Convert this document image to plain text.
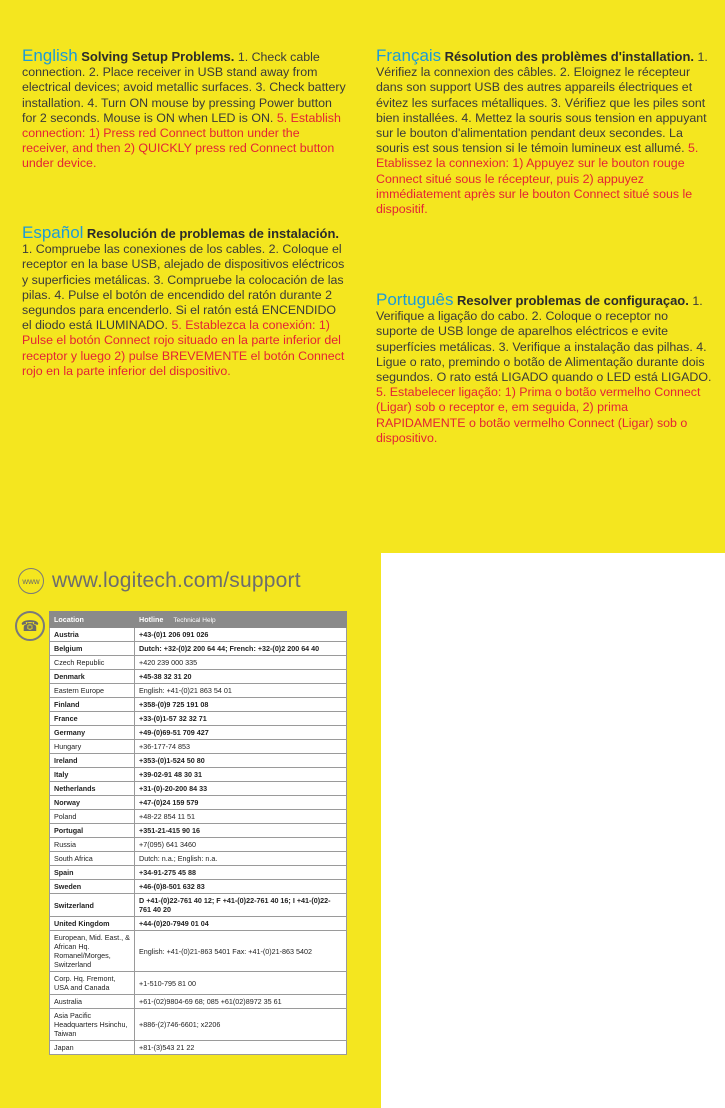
English Solving Setup Problems. 1. Check cable connection. 2. Place receiver in USB stand away from electrical devices; avoid metallic surfaces. 3. Check battery installation. 4. Turn ON mouse by pressing Power button for 2 seconds. Mouse is ON when LED is ON. 5. Establish connection: 1) Press red Connect button under the receiver, and then 2) QUICKLY press red Connect button under device.
Français Résolution des problèmes d'installation. 1. Vérifiez la connexion des câbles. 2. Eloignez le récepteur dans son support USB des autres appareils électriques et évitez les surfaces métalliques. 3. Vérifiez que les piles sont bien installées. 4. Mettez la souris sous tension en appuyant sur le bouton d'alimentation pendant deux secondes. La souris est sous tension si le témoin lumineux est allumé. 5. Etablissez la connexion: 1) Appuyez sur le bouton rouge Connect situé sous le récepteur, puis 2) appuyez immédiatement après sur le bouton Connect situé sous le dispositif.
Español Resolución de problemas de instalación. 1. Compruebe las conexiones de los cables. 2. Coloque el receptor en la base USB, alejado de dispositivos eléctricos y superficies metálicas. 3. Compruebe la colocación de las pilas. 4. Pulse el botón de encendido del ratón durante 2 segundos para encenderlo. Si el ratón está ENCENDIDO el diodo está ILUMINADO. 5. Establezca la conexión: 1) Pulse el botón Connect rojo situado en la parte inferior del receptor y luego 2) pulse BREVEMENTE el botón Connect rojo en la parte inferior del dispositivo.
Português Resolver problemas de configuraçao. 1. Verifique a ligação do cabo. 2. Coloque o receptor no suporte de USB longe de aparelhos eléctricos e evite superfícies metálicas. 3. Verifique a instalação das pilhas. 4. Ligue o rato, premindo o botão de Alimentação durante dois segundos. O rato está LIGADO quando o LED está LIGADO. 5. Estabelecer ligação: 1) Prima o botão vermelho Connect (Ligar) sob o receptor e, em seguida, 2) prima RAPIDAMENTE o botão vermelho Connect (Ligar) sob o dispositivo.
www www.logitech.com/support
☎	Location	Hotline Technical Help
Austria	+43-(0)1 206 091 026
Belgium	Dutch: +32-(0)2 200 64 44; French: +32-(0)2 200 64 40
Czech Republic	+420 239 000 335
Denmark	+45-38 32 31 20
Eastern Europe	English: +41-(0)21 863 54 01
Finland	+358-(0)9 725 191 08
France	+33-(0)1-57 32 32 71
Germany	+49-(0)69-51 709 427
Hungary	+36-177-74 853
Ireland	+353-(0)1-524 50 80
Italy	+39-02-91 48 30 31
Netherlands	+31-(0)-20-200 84 33
Norway	+47-(0)24 159 579
Poland	+48-22 854 11 51
Portugal	+351-21-415 90 16
Russia	+7(095) 641 3460
South Africa	Dutch: n.a.; English: n.a.
Spain	+34-91-275 45 88
Sweden	+46-(0)8-501 632 83
Switzerland	D +41-(0)22-761 40 12; F +41-(0)22-761 40 16; I +41-(0)22-761 40 20
United Kingdom	+44-(0)20-7949 01 04
European, Mid. East., & African Hq. Romanel/Morges, Switzerland	English: +41-(0)21-863 5401 Fax: +41-(0)21-863 5402
Corp. Hq. Fremont, USA and Canada	+1-510-795 81 00
Australia	+61-(02)9804-69 68; 085 +61(02)8972 35 61
Asia Pacific Headquarters Hsinchu, Taiwan	+886-(2)746-6601; x2206
Japan	+81-(3)543 21 22
